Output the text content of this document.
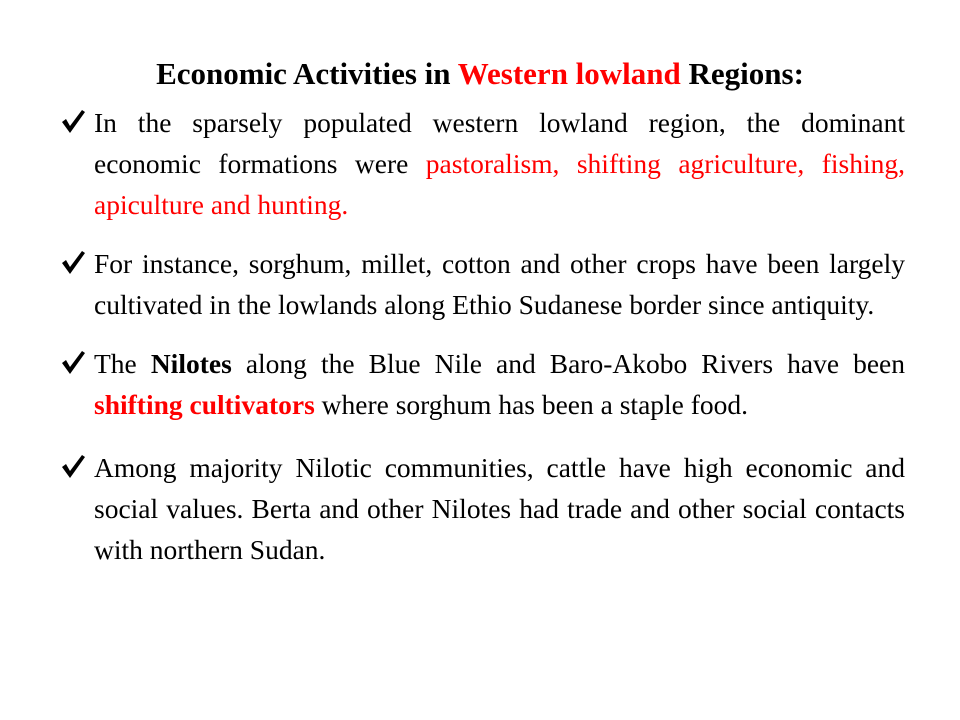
Economic Activities in Western lowland Regions:
In the sparsely populated western lowland region, the dominant economic formations were pastoralism, shifting agriculture, fishing, apiculture and hunting.
For instance, sorghum, millet, cotton and other crops have been largely cultivated in the lowlands along Ethio Sudanese border since antiquity.
The Nilotes along the Blue Nile and Baro-Akobo Rivers have been shifting cultivators where sorghum has been a staple food.
Among majority Nilotic communities, cattle have high economic and social values. Berta and other Nilotes had trade and other social contacts with northern Sudan.
